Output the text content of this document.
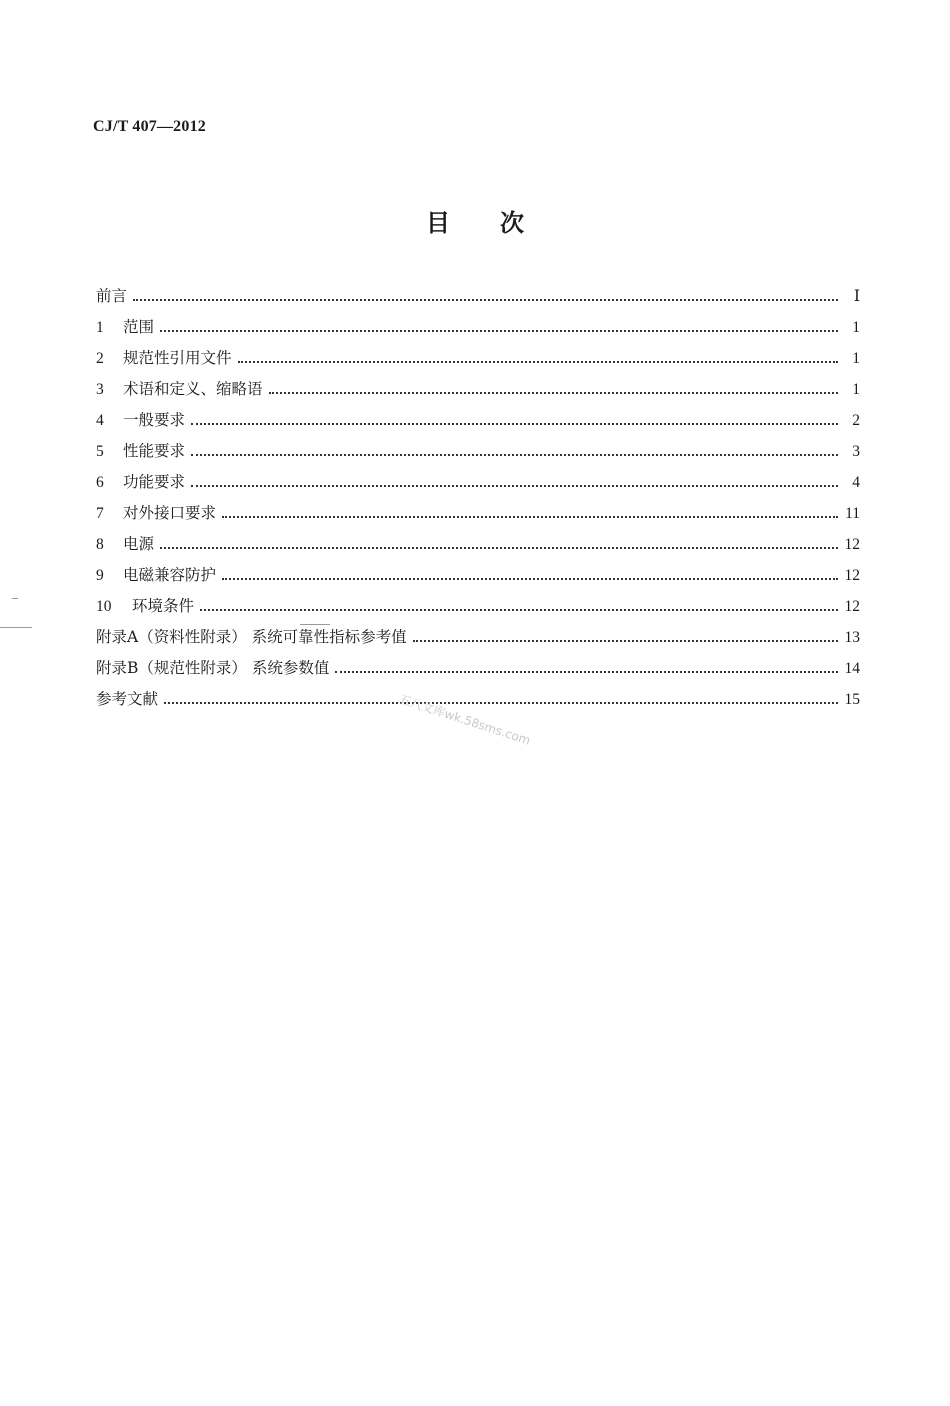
CJ/T 407—2012
目次
前言	Ⅰ
1	范围	1
2	规范性引用文件	1
3	术语和定义、缩略语	1
4	一般要求	2
5	性能要求	3
6	功能要求	4
7	对外接口要求	11
8	电源	12
9	电磁兼容防护	12
10	环境条件	12
附录A（资料性附录） 系统可靠性指标参考值	13
附录B（规范性附录） 系统参数值	14
参考文献	15
五八文库wk.58sms.com
